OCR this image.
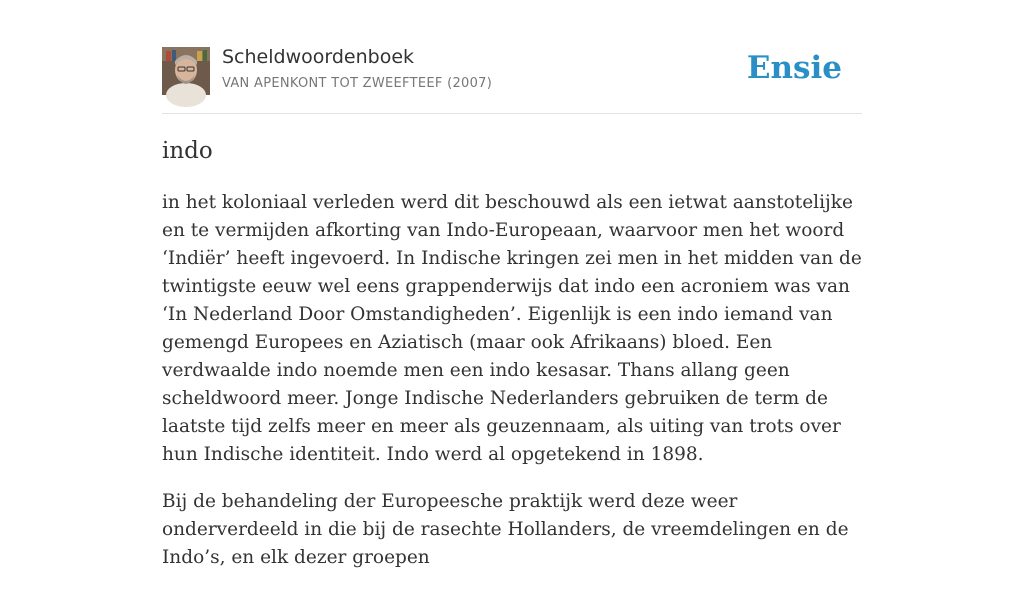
Scheldwoordenboek
VAN APENKONT TOT ZWEEFTEEF (2007)	Ensie
indo

in het koloniaal verleden werd dit beschouwd als een ietwat aanstotelijke en te vermijden afkorting van Indo-Europeaan, waarvoor men het woord ‘Indiër’ heeft ingevoerd. In Indische kringen zei men in het midden van de twintigste eeuw wel eens grappenderwijs dat indo een acroniem was van ‘In Nederland Door Omstandigheden’. Eigenlijk is een indo iemand van gemengd Europees en Aziatisch (maar ook Afrikaans) bloed. Een verdwaalde indo noemde men een indo kesasar. Thans allang geen scheldwoord meer. Jonge Indische Nederlanders gebruiken de term de laatste tijd zelfs meer en meer als geuzennaam, als uiting van trots over hun Indische identiteit. Indo werd al opgetekend in 1898.

Bij de behandeling der Europeesche praktijk werd deze weer onderverdeeld in die bij de rasechte Hollanders, de vreemdelingen en de Indo’s, en elk dezer groepen
